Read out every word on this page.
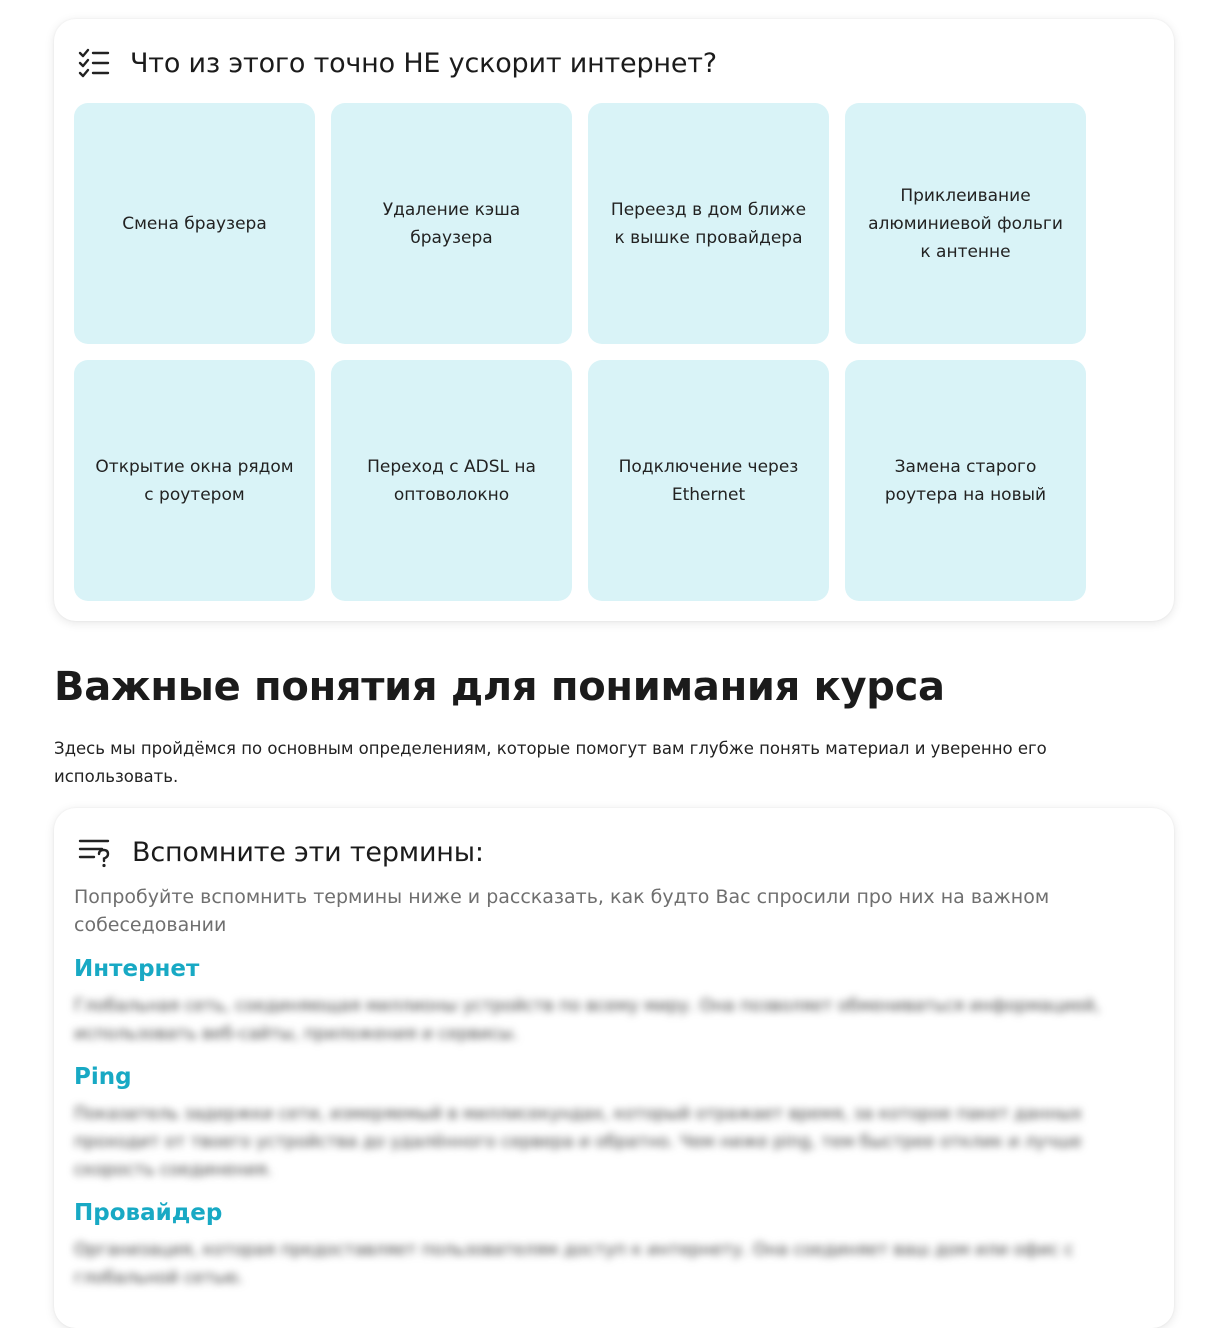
Что из этого точно НЕ ускорит интернет?
Смена браузера
Удаление кэша браузера
Переезд в дом ближе к вышке провайдера
Приклеивание алюминиевой фольги к антенне
Открытие окна рядом с роутером
Переход с ADSL на оптоволокно
Подключение через Ethernet
Замена старого роутера на новый
Важные понятия для понимания курса

Здесь мы пройдёмся по основным определениям, которые помогут вам глубже понять материал и уверенно его использовать.

Вспомните эти термины:

Попробуйте вспомнить термины ниже и рассказать, как будто Вас спросили про них на важном собеседовании

Интернет

Глобальная сеть, соединяющая миллионы устройств по всему миру. Она позволяет обмениваться информацией, использовать веб-сайты, приложения и сервисы.

Ping

Показатель задержки сети, измеряемый в миллисекундах, который отражает время, за которое пакет данных проходит от твоего устройства до удалённого сервера и обратно. Чем ниже ping, тем быстрее отклик и лучше скорость соединения.

Провайдер

Организация, которая предоставляет пользователям доступ к интернету. Она соединяет ваш дом или офис с глобальной сетью.
